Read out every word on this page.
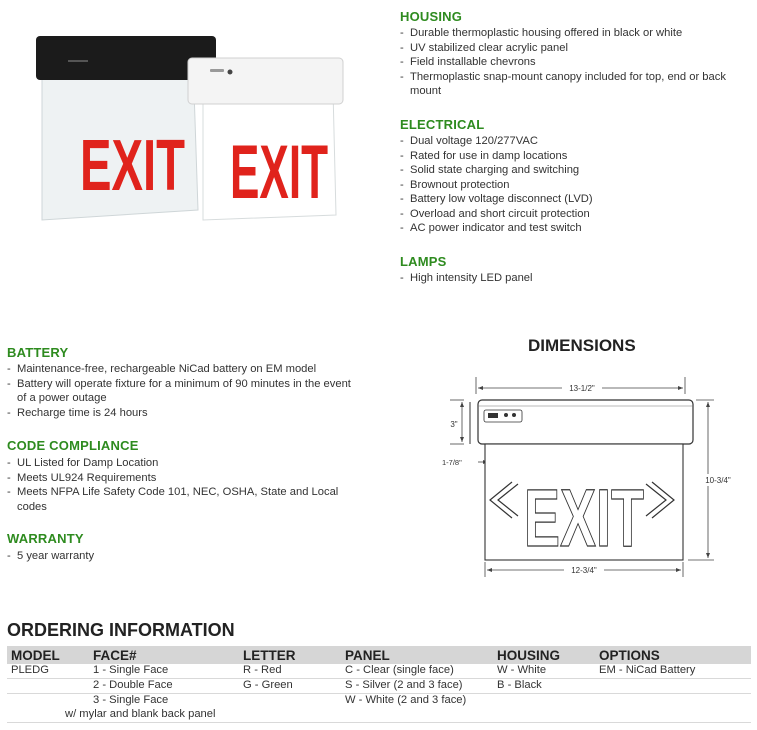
EXIT EXIT
HOUSING
- Durable thermoplastic housing offered in black or white
- UV stabilized clear acrylic panel
- Field installable chevrons
- Thermoplastic snap-mount canopy included for top, end or back mount
ELECTRICAL
- Dual voltage 120/277VAC
- Rated for use in damp locations
- Solid state charging and switching
- Brownout protection
- Battery low voltage disconnect (LVD)
- Overload and short circuit protection
- AC power indicator and test switch
LAMPS
- High intensity LED panel
BATTERY
- Maintenance-free, rechargeable NiCad battery on EM model
- Battery will operate fixture for a minimum of 90 minutes in the event of a power outage
- Recharge time is 24 hours
CODE COMPLIANCE
- UL Listed for Damp Location
- Meets UL924 Requirements
- Meets NFPA Life Safety Code 101, NEC, OSHA, State and Local codes
WARRANTY
- 5 year warranty
DIMENSIONS
13-1/2"
3"
1-7/8"
EXIT	10-3/4"
12-3/4"
ORDERING INFORMATION
MODEL	FACE#	LETTER	PANEL	HOUSING	OPTIONS
PLEDG	1 - Single Face	R - Red	C - Clear (single face)	W - White	EM - NiCad Battery
	2 - Double Face	G - Green	S - Silver (2 and 3 face)	B - Black	
	3 - Single Face		W - White (2 and 3 face)		
w/ mylar and blank back panel					
